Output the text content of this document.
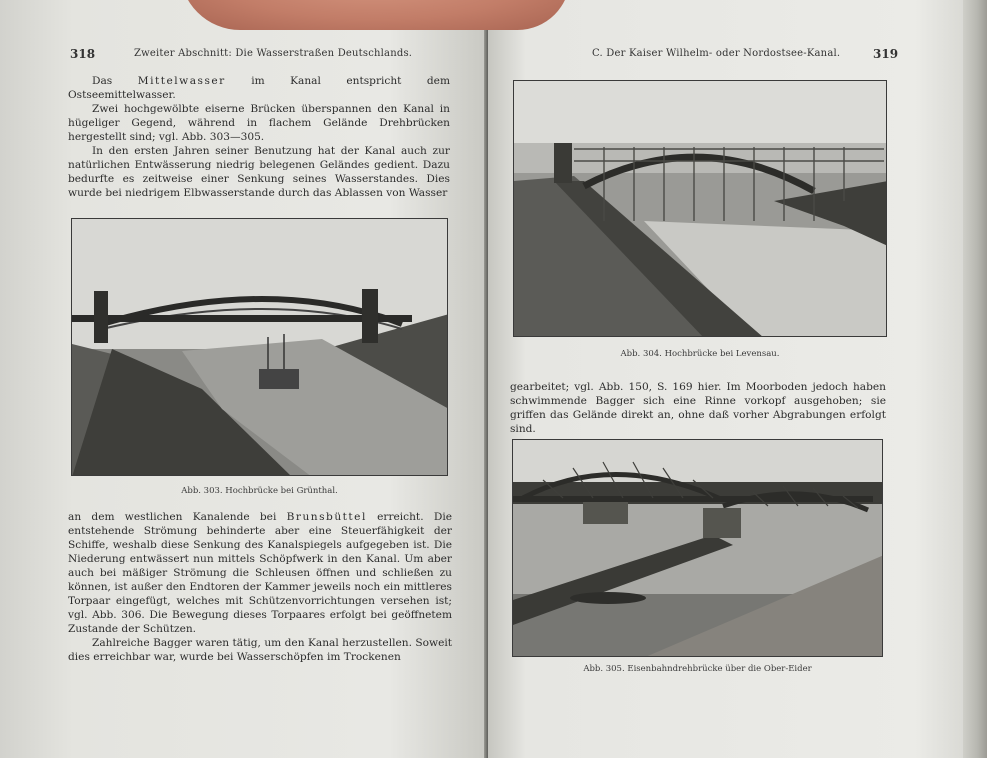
318	Zweiter Abschnitt: Die Wasserstraßen Deutschlands.

Das Mittelwasser im Kanal entspricht dem Ostseemittelwasser.

Zwei hochgewölbte eiserne Brücken überspannen den Kanal in hügeliger Gegend, während in flachem Gelände Drehbrücken hergestellt sind; vgl. Abb. 303—305.

In den ersten Jahren seiner Benutzung hat der Kanal auch zur natürlichen Entwässerung niedrig belegenen Geländes gedient. Dazu bedurfte es zeitweise einer Senkung seines Wasserstandes. Dies wurde bei niedrigem Elbwasserstande durch das Ablassen von Wasser

Abb. 303. Hochbrücke bei Grünthal.

an dem westlichen Kanalende bei Brunsbüttel erreicht. Die entstehende Strömung behinderte aber eine Steuerfähigkeit der Schiffe, weshalb diese Senkung des Kanalspiegels aufgegeben ist. Die Niederung entwässert nun mittels Schöpfwerk in den Kanal. Um aber auch bei mäßiger Strömung die Schleusen öffnen und schließen zu können, ist außer den Endtoren der Kammer jeweils noch ein mittleres Torpaar eingefügt, welches mit Schützenvorrichtungen versehen ist; vgl. Abb. 306. Die Bewegung dieses Torpaares erfolgt bei geöffnetem Zustande der Schützen.

Zahlreiche Bagger waren tätig, um den Kanal herzustellen. Soweit dies erreichbar war, wurde bei Wasserschöpfen im Trockenen

C. Der Kaiser Wilhelm- oder Nordostsee-Kanal.	319
Abb. 304. Hochbrücke bei Levensau.

gearbeitet; vgl. Abb. 150, S. 169 hier. Im Moorboden jedoch haben schwimmende Bagger sich eine Rinne vorkopf ausgehoben; sie griffen das Gelände direkt an, ohne daß vorher Abgrabungen erfolgt sind.

Abb. 305. Eisenbahndrehbrücke über die Ober-Eider
